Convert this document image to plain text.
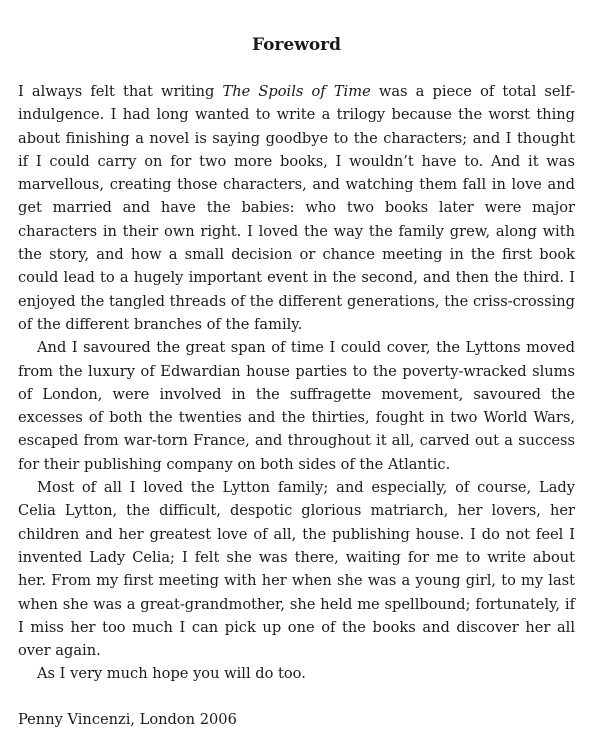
Foreword

I always felt that writing The Spoils of Time was a piece of total self-indulgence. I had long wanted to write a trilogy because the worst thing about finishing a novel is saying goodbye to the characters; and I thought if I could carry on for two more books, I wouldn’t have to. And it was marvellous, creating those characters, and watching them fall in love and get married and have the babies: who two books later were major characters in their own right. I loved the way the family grew, along with the story, and how a small decision or chance meeting in the first book could lead to a hugely important event in the second, and then the third. I enjoyed the tangled threads of the different generations, the criss-crossing of the different branches of the family.

And I savoured the great span of time I could cover, the Lyttons moved from the luxury of Edwardian house parties to the poverty-wracked slums of London, were involved in the suffragette movement, savoured the excesses of both the twenties and the thirties, fought in two World Wars, escaped from war-torn France, and throughout it all, carved out a success for their publishing company on both sides of the Atlantic.

Most of all I loved the Lytton family; and especially, of course, Lady Celia Lytton, the difficult, despotic glorious matriarch, her lovers, her children and her greatest love of all, the publishing house. I do not feel I invented Lady Celia; I felt she was there, waiting for me to write about her. From my first meeting with her when she was a young girl, to my last when she was a great-grandmother, she held me spellbound; fortunately, if I miss her too much I can pick up one of the books and discover her all over again.

As I very much hope you will do too.

Penny Vincenzi, London 2006
